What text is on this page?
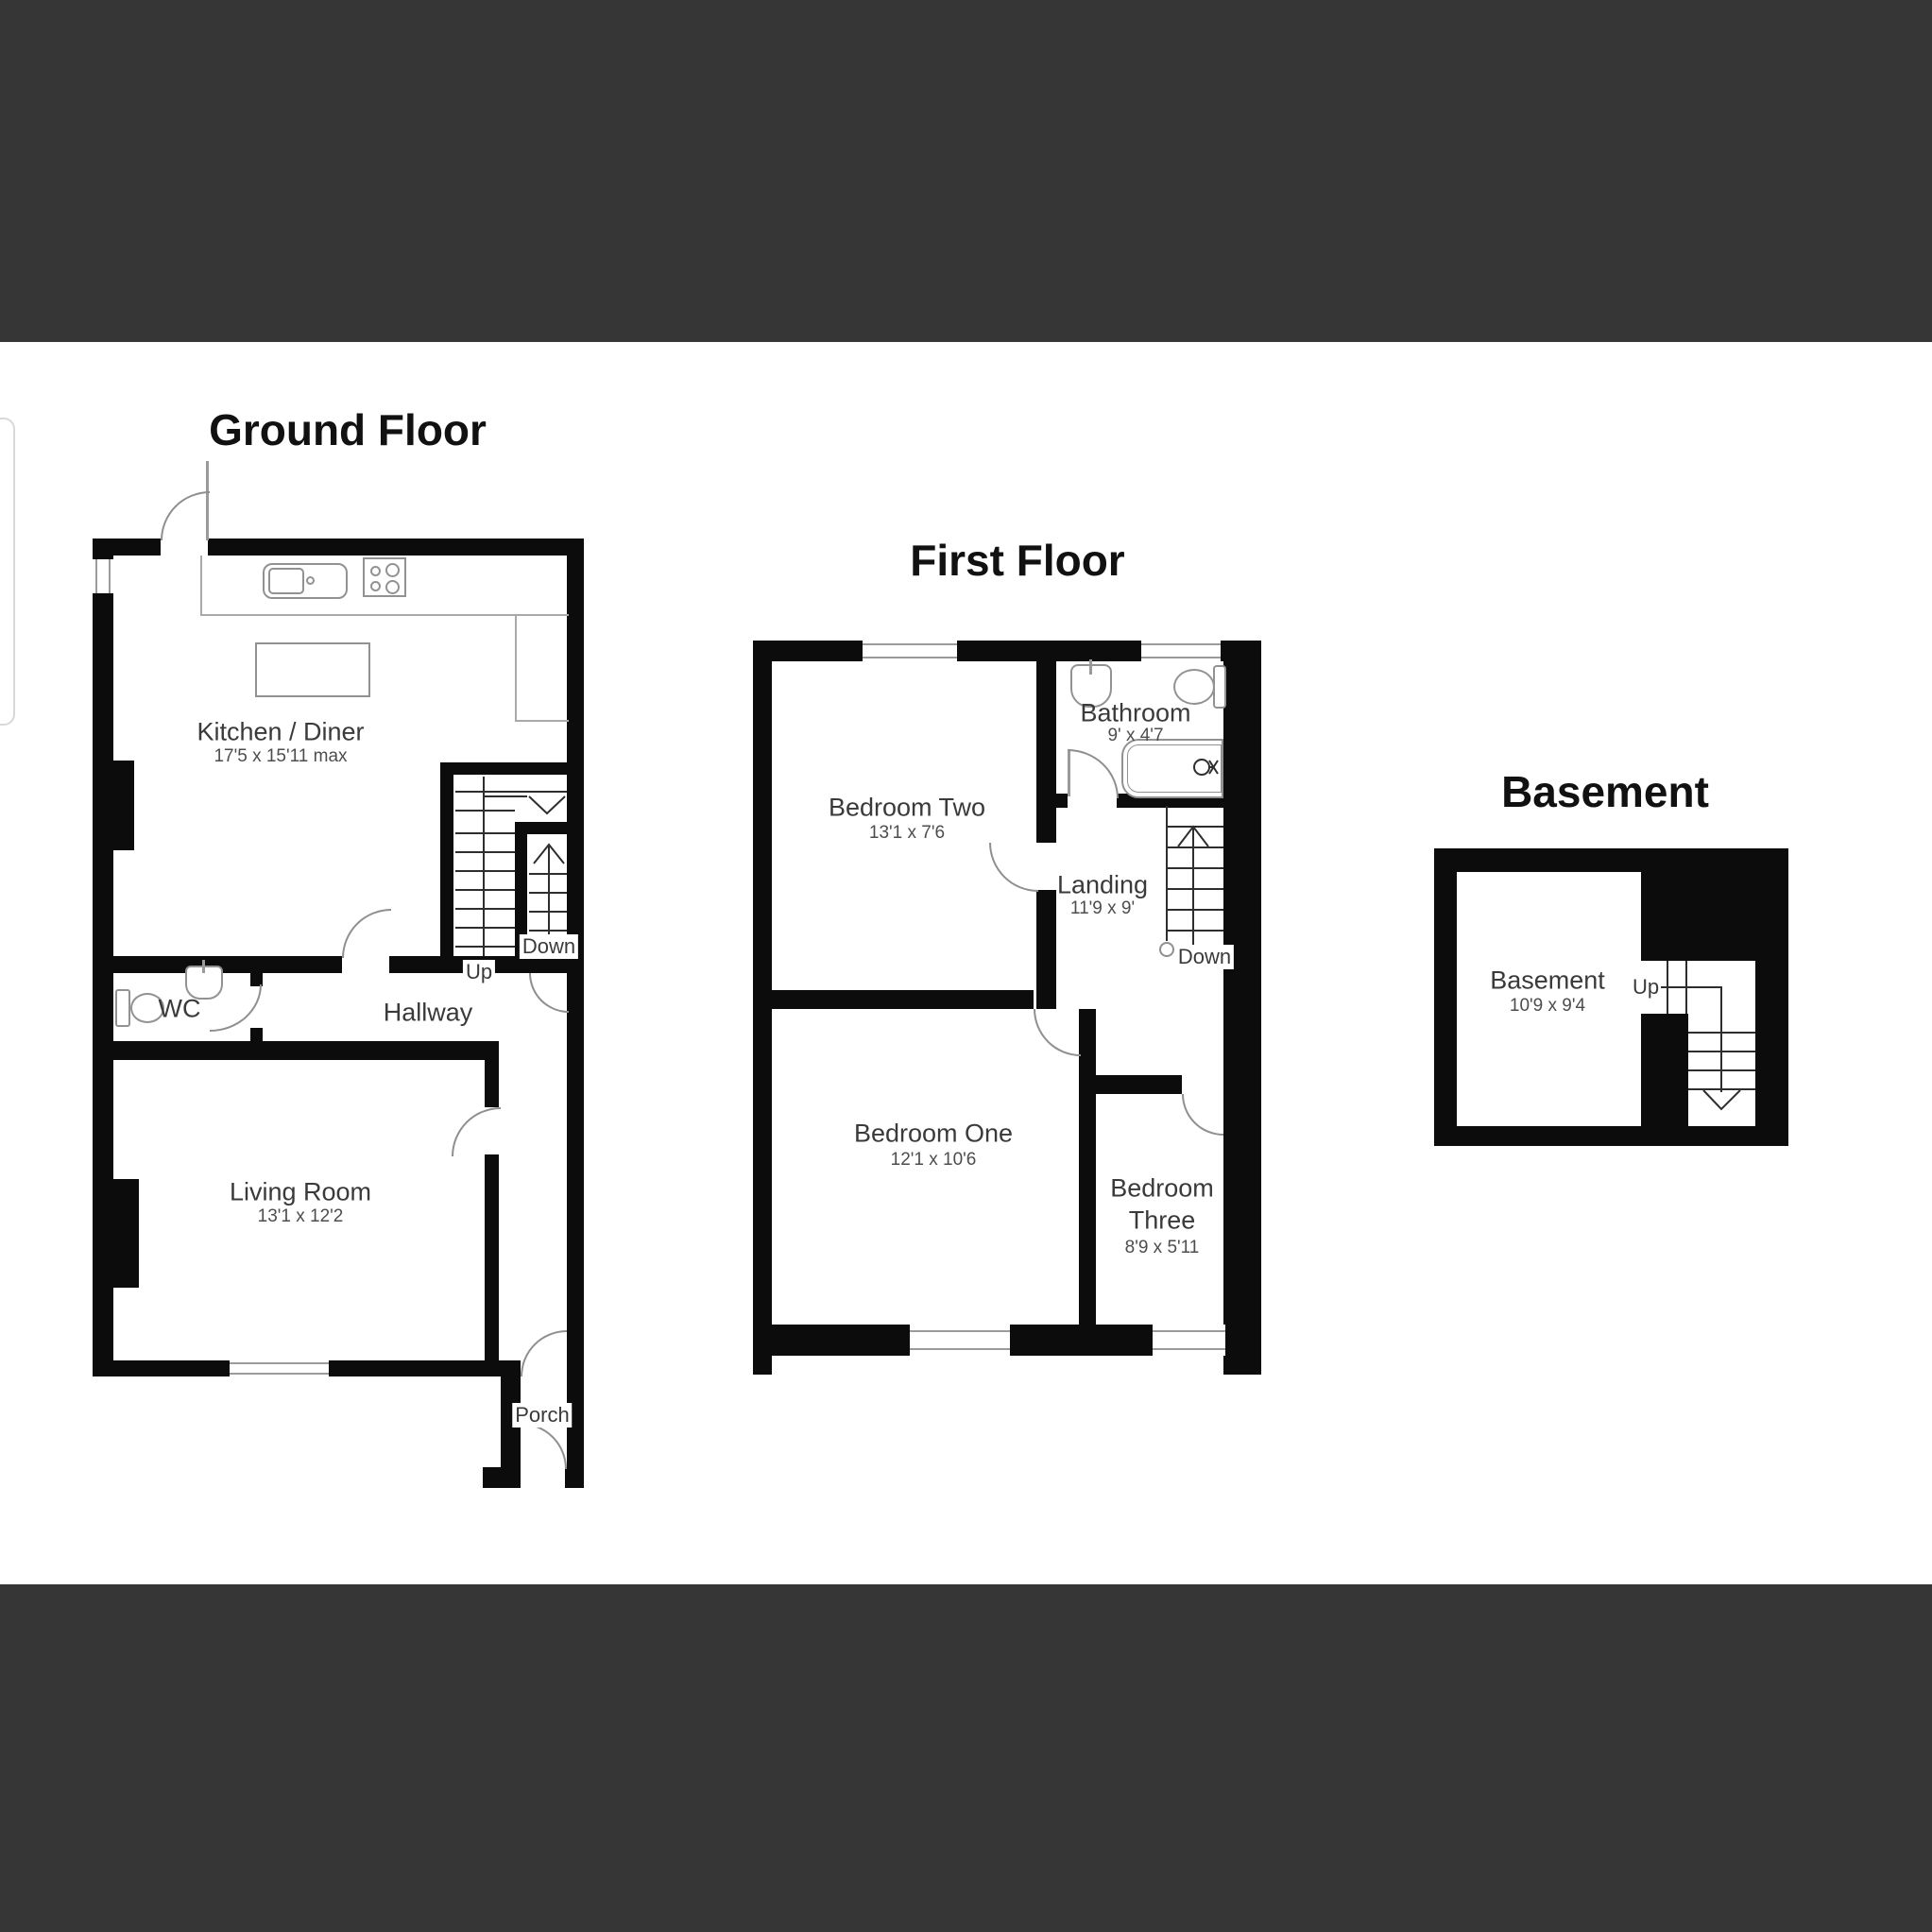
Ground Floor
First Floor
Basement
Kitchen / Diner
17'5 x 15'11 max
Hallway
WC
Up
Down
Living Room
13'1 x 12'2
Porch
Bedroom Two
13'1 x 7'6
Bathroom
9' x 4'7
Landing
11'9 x 9'
Down
Bedroom One
12'1 x 10'6
Bedroom
Three
8'9 x 5'11
Basement
10'9 x 9'4
Up
